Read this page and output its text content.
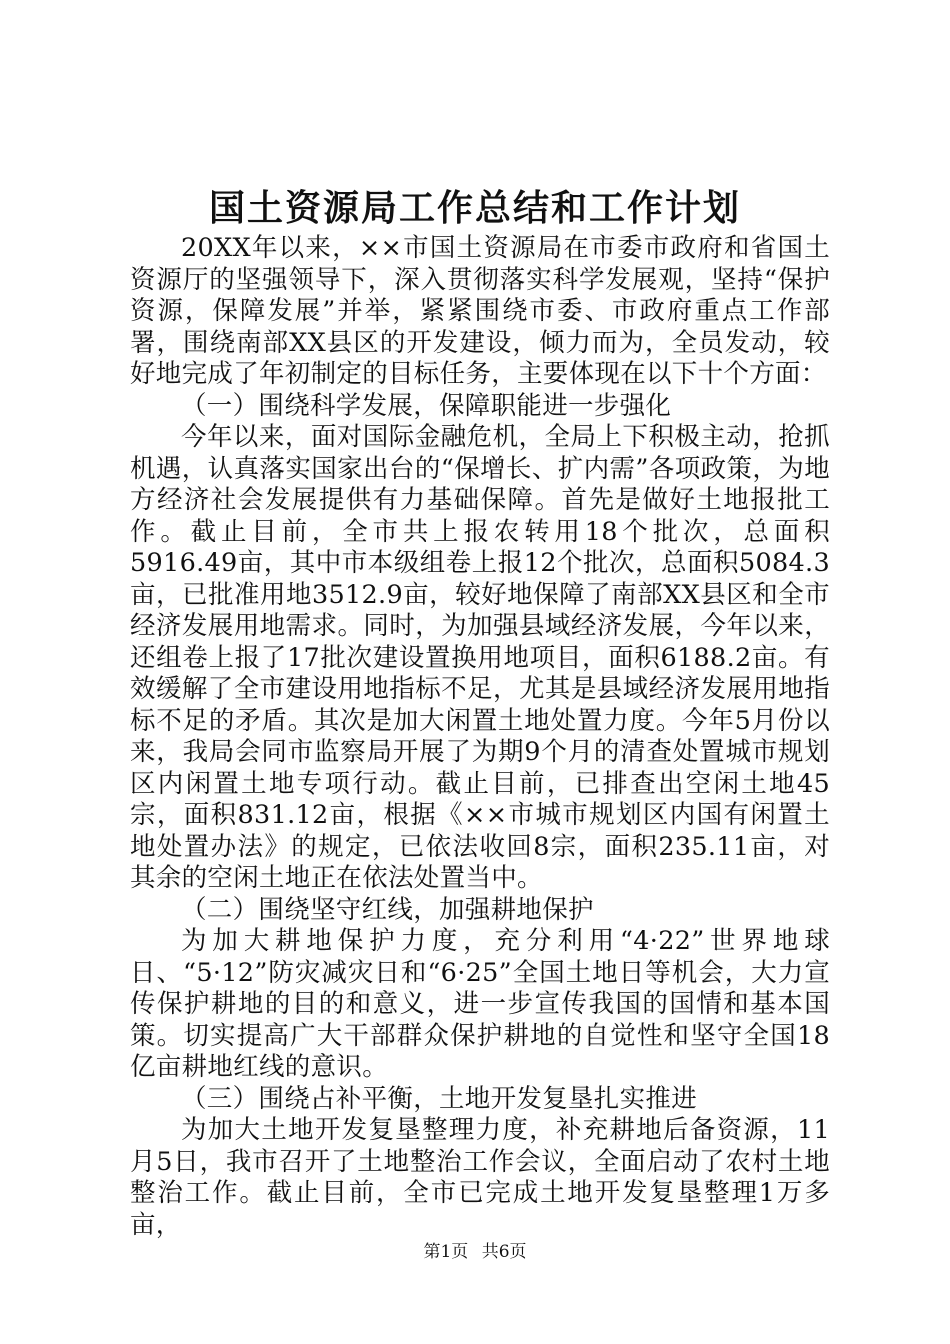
国土资源局工作总结和工作计划

20XX年以来，××市国土资源局在市委市政府和省国土资源厅的坚强领导下，深入贯彻落实科学发展观，坚持“保护资源，保障发展”并举，紧紧围绕市委、市政府重点工作部署，围绕南部XX县区的开发建设，倾力而为，全员发动，较好地完成了年初制定的目标任务，主要体现在以下十个方面：

（一）围绕科学发展，保障职能进一步强化

今年以来，面对国际金融危机，全局上下积极主动，抢抓机遇，认真落实国家出台的“保增长、扩内需”各项政策，为地方经济社会发展提供有力基础保障。首先是做好土地报批工作。截止目前，全市共上报农转用18个批次，总面积5916.49亩，其中市本级组卷上报12个批次，总面积5084.3亩，已批准用地3512.9亩，较好地保障了南部XX县区和全市经济发展用地需求。同时，为加强县域经济发展，今年以来，还组卷上报了17批次建设置换用地项目，面积6188.2亩。有效缓解了全市建设用地指标不足，尤其是县域经济发展用地指标不足的矛盾。其次是加大闲置土地处置力度。今年5月份以来，我局会同市监察局开展了为期9个月的清查处置城市规划区内闲置土地专项行动。截止目前，已排查出空闲土地45宗，面积831.12亩，根据《××市城市规划区内国有闲置土地处置办法》的规定，已依法收回8宗，面积235.11亩，对其余的空闲土地正在依法处置当中。

（二）围绕坚守红线，加强耕地保护

为加大耕地保护力度，充分利用“4·22”世界地球日、“5·12”防灾减灾日和“6·25”全国土地日等机会，大力宣传保护耕地的目的和意义，进一步宣传我国的国情和基本国策。切实提高广大干部群众保护耕地的自觉性和坚守全国18亿亩耕地红线的意识。

（三）围绕占补平衡，土地开发复垦扎实推进

为加大土地开发复垦整理力度，补充耕地后备资源，11月5日，我市召开了土地整治工作会议，全面启动了农村土地整治工作。截止目前，全市已完成土地开发复垦整理1万多亩，

第1页 共6页
